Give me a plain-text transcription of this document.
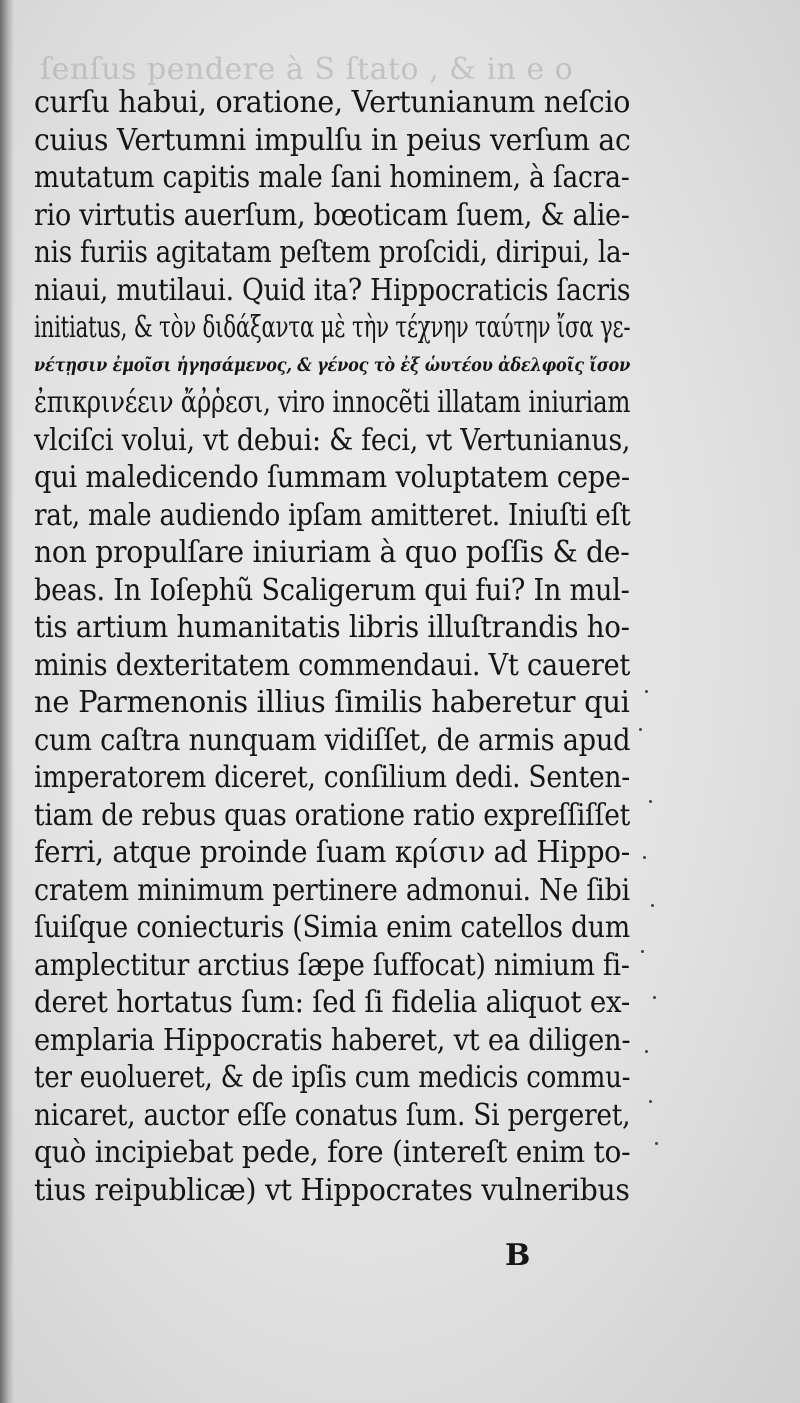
ſenſus pendere à S ſtato , & in e o
curſu habui, oratione, Vertunianum neſcio
cuius Vertumni impulſu in peius verſum ac
mutatum capitis male ſani hominem, à ſacra-
rio virtutis auerſum, bœoticam ſuem, & alie-
nis furiis agitatam peſtem proſcidi, diripui, la-
niaui, mutilaui. Quid ita? Hippocraticis ſacris
initiatus, & τὸν διδάξαντα μὲ τὴν τέχνην ταύτην ἴσα γε-
νέτῃσιν ἐμοῖσι ἡγησάμενος, & γένος τὸ ἐξ ὡυτέου ἀδελφοῖς ἴσον
ἐπικρινέειν ἄῤῥεσι, viro innocẽti illatam iniuriam
vlciſci volui, vt debui: & feci, vt Vertunianus,
qui maledicendo ſummam voluptatem cepe-
rat, male audiendo ipſam amitteret. Iniuſti eſt
non propulſare iniuriam à quo poſſis & de-
beas. In Ioſephũ Scaligerum qui fui? In mul-
tis artium humanitatis libris illuſtrandis ho-
minis dexteritatem commendaui. Vt caueret
ne Parmenonis illius ſimilis haberetur qui
cum caſtra nunquam vidiſſet, de armis apud
imperatorem diceret, conſilium dedi. Senten-
tiam de rebus quas oratione ratio expreſſiſſet
ferri, atque proinde ſuam κρίσιν ad Hippo-
cratem minimum pertinere admonui. Ne ſibi
ſuiſque coniecturis (Simia enim catellos dum
amplectitur arctius ſæpe ſuffocat) nimium fi-
deret hortatus ſum: ſed ſi fidelia aliquot ex-
emplaria Hippocratis haberet, vt ea diligen-
ter euolueret, & de ipſis cum medicis commu-
nicaret, auctor eſſe conatus ſum. Si pergeret,
quò incipiebat pede, fore (intereſt enim to-
tius reipublicæ) vt Hippocrates vulneribus
B
